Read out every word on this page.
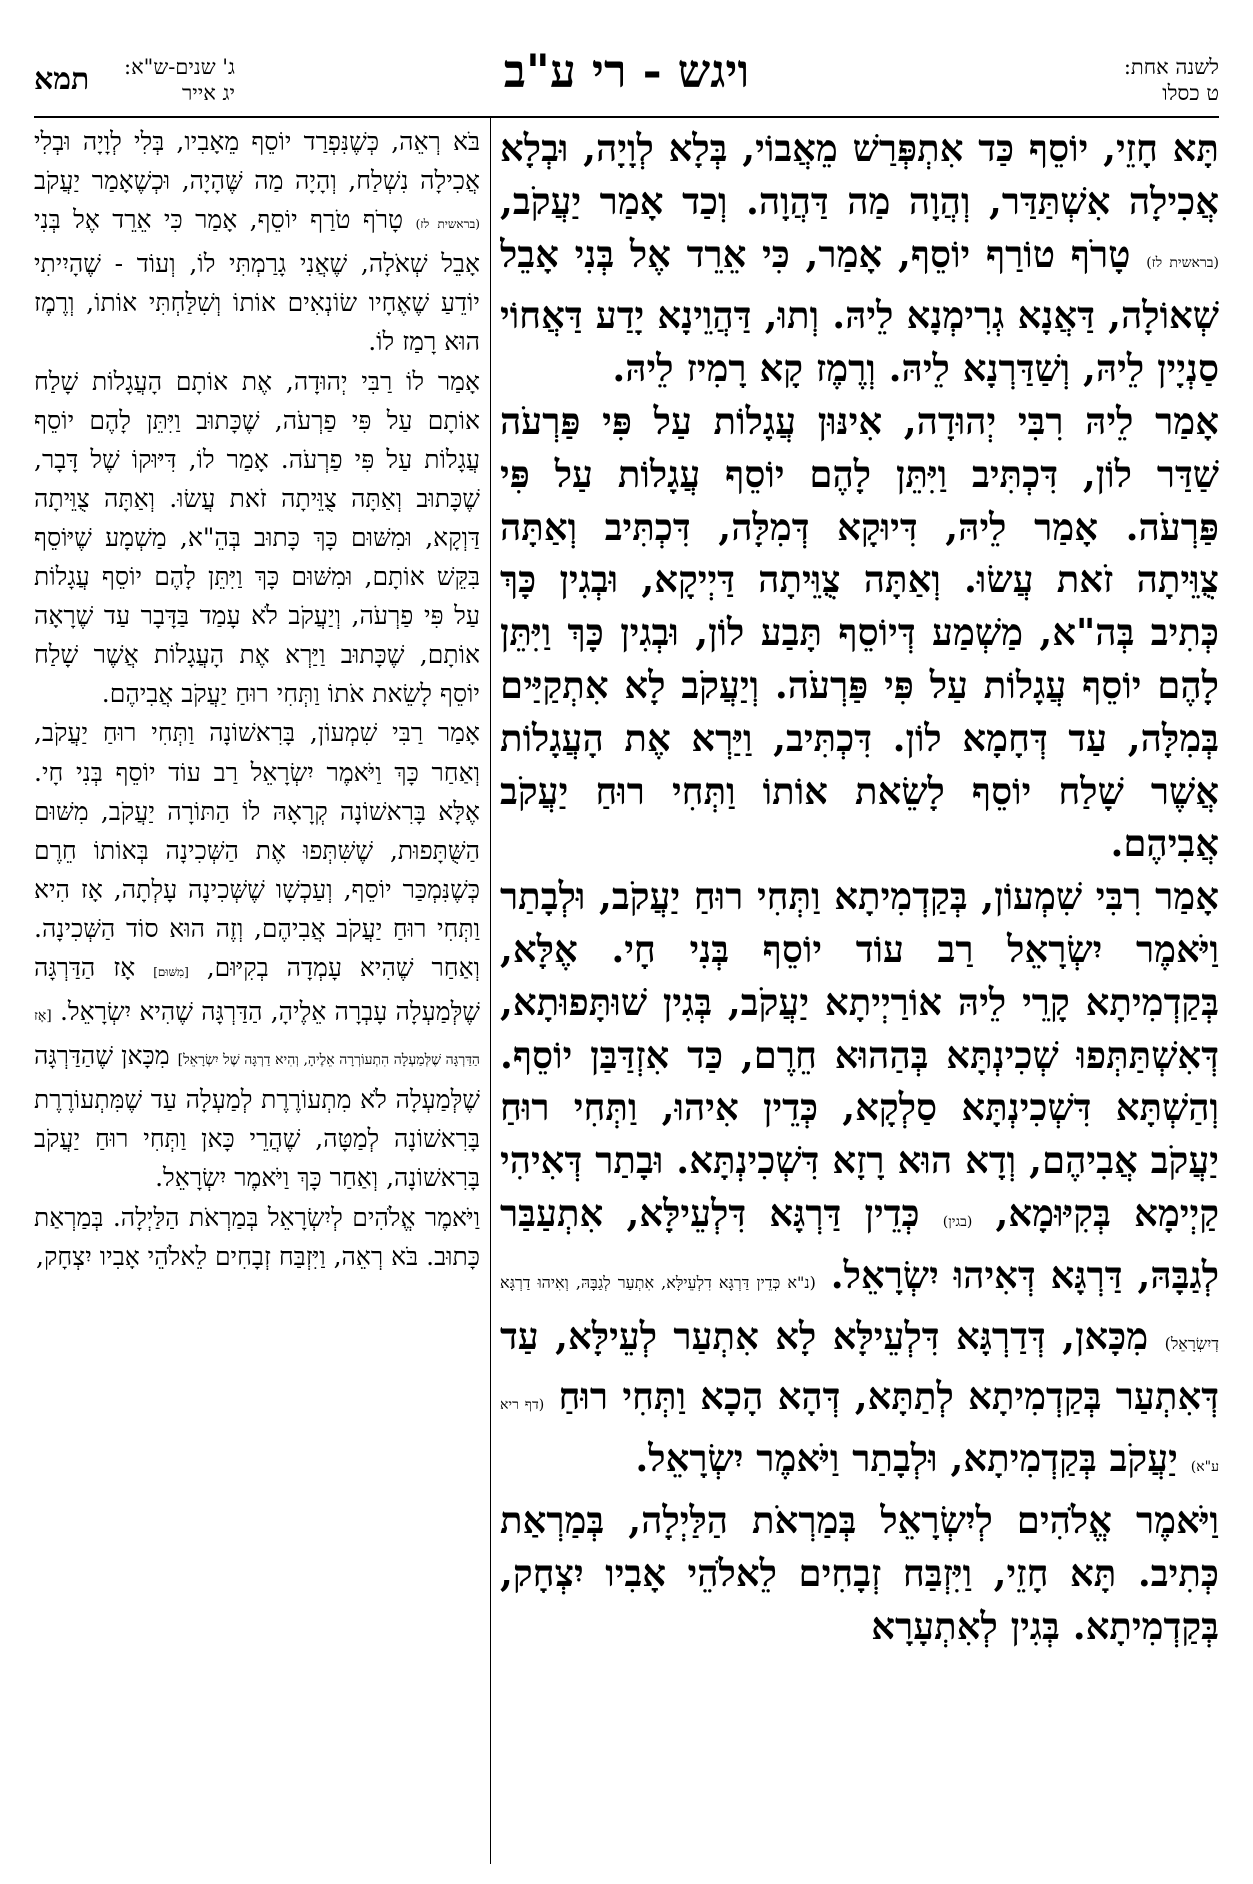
לשנה אחת:
ט כסלו
ויגש - רי ע"ב
ג' שנים-ש"א:
יג אייר
תמא

תָּא חָזֵי, יוֹסֵף כַּד אִתְפְּרַשׁ מֵאֲבוֹי, בְּלָא לְוָיָה, וּבְלָא אֲכִילָה אִשְׁתַּדַּר, וְהֲוָה מַה דַּהֲוָה. וְכַד אָמַר יַעֲקֹב, (בראשית לז) טָרֹף טוֹרַף יוֹסֵף, אָמַר, כִּי אֵרֵד אֶל בְּנִי אָבֵל שְׁאוֹלָה, דַּאֲנָא גְרִימְנָא לֵיהּ. וְתוּ, דַּהֲוֵינָא יָדַע דַּאֲחוֹי סַנְיָין לֵיהּ, וְשַׁדַּרְנָא לֵיהּ. וְרֶמֶז קָא רָמִיז לֵיהּ.

אָמַר לֵיהּ רִבִּי יְהוּדָה, אִינּוּן עֲגָלוֹת עַל פִּי פַּרְעֹה שַׁדַּר לוֹן, דִּכְתִּיב וַיִּתֵּן לָהֶם יוֹסֵף עֲגָלוֹת עַל פִּי פַּרְעֹה. אָמַר לֵיהּ, דִּיוּקָא דְּמִלָּה, דִּכְתִּיב וְאַתָּה צֻוֵּיתָה זֹאת עֲשׂוּ. וְאַתָּה צֻוֵּיתָה דַּיְיקָא, וּבְגִין כָּךְ כְּתִיב בְּה"א, מַשְׁמַע דְּיוֹסֵף תָּבַע לוֹן, וּבְגִין כָּךְ וַיִּתֵּן לָהֶם יוֹסֵף עֲגָלוֹת עַל פִּי פַּרְעֹה. וְיַעֲקֹב לָא אִתְקַיַּים בְּמִלָּה, עַד דְּחָמָא לוֹן. דִּכְתִּיב, וַיַּרְא אֶת הָעֲגָלוֹת אֲשֶׁר שָׁלַח יוֹסֵף לָשֵׂאת אוֹתוֹ וַתְּחִי רוּחַ יַעֲקֹב אֲבִיהֶם.

אָמַר רִבִּי שִׁמְעוֹן, בְּקַדְמִיתָא וַתְּחִי רוּחַ יַעֲקֹב, וּלְבָתַר וַיֹּאמֶר יִשְׂרָאֵל רַב עוֹד יוֹסֵף בְּנִי חָי. אֶלָּא, בְּקַדְמִיתָא קָרֵי לֵיהּ אוֹרַיְיתָא יַעֲקֹב, בְּגִין שׁוּתָּפוּתָא, דְּאִשְׁתַּתְּפוּ שְׁכִינְתָּא בְּהַהוּא חֵרֶם, כַּד אִזְדַּבַּן יוֹסֵף. וְהַשְׁתָּא דִּשְׁכִינְתָּא סַלְקָא, כְּדֵין אִיהוּ, וַתְּחִי רוּחַ יַעֲקֹב אֲבִיהֶם, וְדָא הוּא רָזָא דִּשְׁכִינְתָּא. וּבָתַר דְּאִיהִי קַיְימָא בְּקִיּוּמָא, (בגין) כְּדֵין דַּרְגָּא דִּלְעֵילָּא, אִתְעַבַּר לְגַבָּהּ, דַּרְגָּא דְּאִיהוּ יִשְׂרָאֵל. (נ"א כְּדֵין דַּרְגָּא דִלְעֵילָּא, אִתְעַר לְגַבָּהּ, וְאִיהוּ דַרְגָּא דְיִשְׂרָאֵל) מִכָּאן, דְּדַרְגָּא דִּלְעֵילָּא לָא אִתְעַר לְעֵילָּא, עַד דְּאִתְעַר בְּקַדְמִיתָא לְתַתָּא, דְּהָא הָכָא וַתְּחִי רוּחַ (דף ריא ע"א) יַעֲקֹב בְּקַדְמִיתָא, וּלְבָתַר וַיֹּאמֶר יִשְׂרָאֵל.

וַיֹּאמֶר אֱלֹהִים לְיִשְׂרָאֵל בְּמַרְאֹת הַלַּיְלָה, בְּמַרְאַת כְּתִיב. תָּא חָזֵי, וַיִּזְבַּח זְבָחִים לֵאלֹהֵי אָבִיו יִצְחָק, בְּקַדְמִיתָא. בְּגִין לְאִתְעָרָא

בֹּא רְאֵה, כְּשֶׁנִּפְרַד יוֹסֵף מֵאָבִיו, בְּלִי לְוָיָה וּבְלִי אֲכִילָה נִשְׁלַח, וְהָיָה מַה שֶּׁהָיָה, וּכְשֶׁאָמַר יַעֲקֹב (בראשית לז) טָרֹף טֹרַף יוֹסֵף, אָמַר כִּי אֵרֵד אֶל בְּנִי אָבֵל שְׁאֹלָה, שֶׁאֲנִי גָרַמְתִּי לוֹ, וְעוֹד - שֶׁהָיִיתִי יוֹדֵעַ שֶׁאֶחָיו שׂוֹנְאִים אוֹתוֹ וְשִׁלַּחְתִּי אוֹתוֹ, וְרֶמֶז הוּא רָמַז לוֹ.

אָמַר לוֹ רַבִּי יְהוּדָה, אֶת אוֹתָם הָעֲגָלוֹת שָׁלַח אוֹתָם עַל פִּי פַרְעֹה, שֶׁכָּתוּב וַיִּתֵּן לָהֶם יוֹסֵף עֲגָלוֹת עַל פִּי פַרְעֹה. אָמַר לוֹ, דִּיּוּקוֹ שֶׁל דָּבָר, שֶׁכָּתוּב וְאַתָּה צֻוֵּיתָה זֹאת עֲשׂוּ. וְאַתָּה צֻוֵּיתָה דַּוְקָא, וּמִשּׁוּם כָּךְ כָּתוּב בְּהֵ"א, מַשְׁמָע שֶׁיּוֹסֵף בִּקֵּשׁ אוֹתָם, וּמִשּׁוּם כָּךְ וַיִּתֵּן לָהֶם יוֹסֵף עֲגָלוֹת עַל פִּי פַרְעֹה, וְיַעֲקֹב לֹא עָמַד בַּדָּבָר עַד שֶׁרָאָה אוֹתָם, שֶׁכָּתוּב וַיַּרְא אֶת הָעֲגָלוֹת אֲשֶׁר שָׁלַח יוֹסֵף לָשֵׂאת אֹתוֹ וַתְּחִי רוּחַ יַעֲקֹב אֲבִיהֶם.

אָמַר רַבִּי שִׁמְעוֹן, בָּרִאשׁוֹנָה וַתְּחִי רוּחַ יַעֲקֹב, וְאַחַר כָּךְ וַיֹּאמֶר יִשְׂרָאֵל רַב עוֹד יוֹסֵף בְּנִי חָי. אֶלָּא בָּרִאשׁוֹנָה קְרָאָהּ לוֹ הַתּוֹרָה יַעֲקֹב, מִשּׁוּם הַשֻּׁתָּפוּת, שֶׁשִּׁתְּפוּ אֶת הַשְּׁכִינָה בְּאוֹתוֹ חֵרֶם כְּשֶׁנִּמְכַּר יוֹסֵף, וְעַכְשָׁו שֶׁשְּׁכִינָה עָלְתָה, אָז הִיא וַתְּחִי רוּחַ יַעֲקֹב אֲבִיהֶם, וְזֶה הוּא סוֹד הַשְּׁכִינָה. וְאַחַר שֶׁהִיא עָמְדָה בְקִיּוּם, [מִשּׁוּם] אָז הַדַּרְגָּה שֶׁלְּמַעְלָה עָבְרָה אֵלֶיהָ, הַדַּרְגָּה שֶׁהִיא יִשְׂרָאֵל. [אָז הַדַּרְגָּה שֶׁלְּמַעְלָה הִתְעוֹרְרָה אֵלֶיהָ, וְהִיא דַרְגָּה שֶׁל יִשְׂרָאֵל] מִכָּאן שֶׁהַדַּרְגָּה שֶׁלְּמַעְלָה לֹא מִתְעוֹרֶרֶת לְמַעְלָה עַד שֶׁמִּתְעוֹרֶרֶת בָּרִאשׁוֹנָה לְמַטָּה, שֶׁהֲרֵי כָּאן וַתְּחִי רוּחַ יַעֲקֹב בָּרִאשׁוֹנָה, וְאַחַר כָּךְ וַיֹּאמֶר יִשְׂרָאֵל.

וַיֹּאמֶר אֱלֹהִים לְיִשְׂרָאֵל בְּמַרְאֹת הַלַּיְלָה. בְּמַרְאַת כָּתוּב. בֹּא רְאֵה, וַיִּזְבַּח זְבָחִים לֵאלֹהֵי אָבִיו יִצְחָק,
